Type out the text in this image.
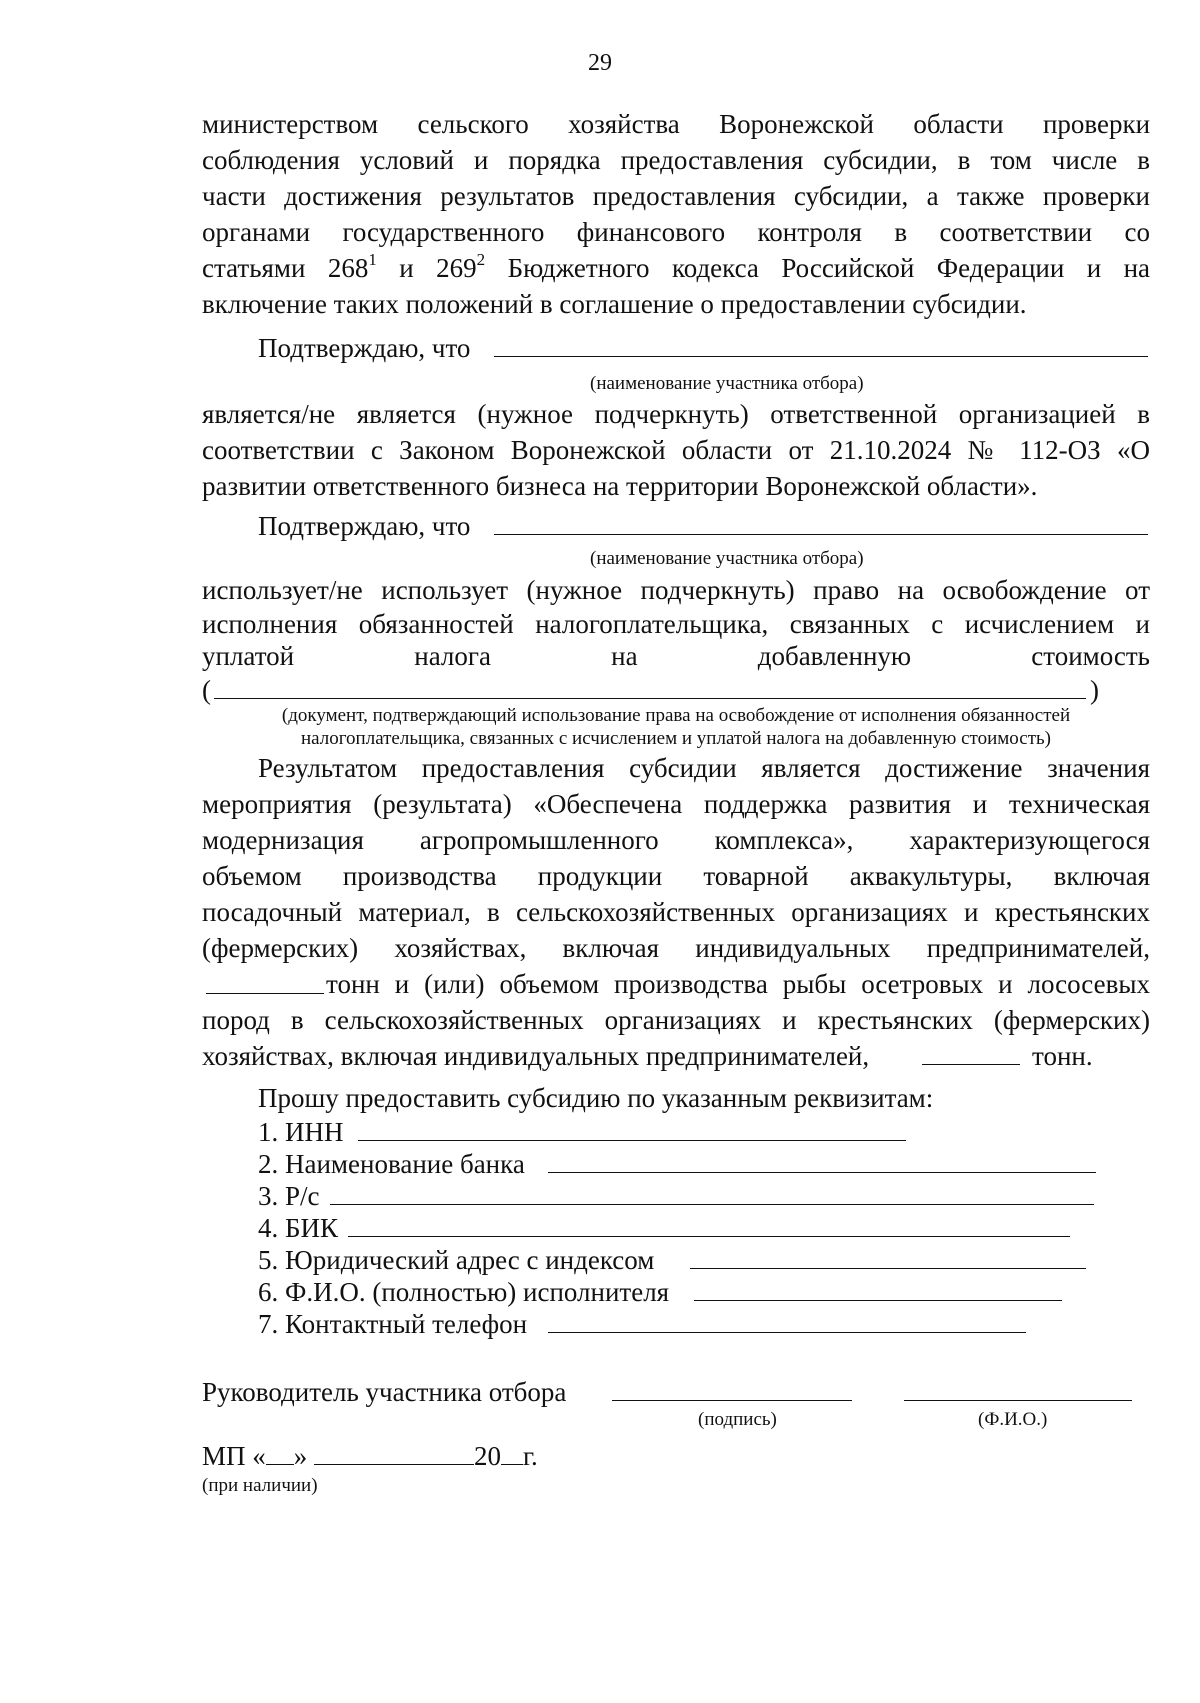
29
министерством сельского хозяйства Воронежской области проверки
соблюдения условий и порядка предоставления субсидии, в том числе в
части достижения результатов предоставления субсидии, а также проверки
органами государственного финансового контроля в соответствии со
статьями $268^1$ и $269^2$ Бюджетного кодекса Российской Федерации и на
включение таких положений в соглашение о предоставлении субсидии.
Подтверждаю, что
(наименование участника отбора)
является/не является (нужное подчеркнуть) ответственной организацией в
соответствии с Законом Воронежской области от 21.10.2024 № 112-ОЗ «О
развитии ответственного бизнеса на территории Воронежской области».
Подтверждаю, что
(наименование участника отбора)
использует/не использует (нужное подчеркнуть) право на освобождение от
исполнения обязанностей налогоплательщика, связанных с исчислением и
уплатой	налога	на	добавленную	стоимость
(	)
(документ, подтверждающий использование права на освобождение от исполнения обязанностей
налогоплательщика, связанных с исчислением и уплатой налога на добавленную стоимость)
Результатом предоставления субсидии является достижение значения
мероприятия (результата) «Обеспечена поддержка развития и техническая
модернизация агропромышленного комплекса», характеризующегося
объемом производства продукции товарной аквакультуры, включая
посадочный материал, в сельскохозяйственных организациях и крестьянских
(фермерских) хозяйствах, включая индивидуальных предпринимателей,
тонн и (или) объемом производства рыбы осетровых и лососевых
пород в сельскохозяйственных организациях и крестьянских (фермерских)
хозяйствах, включая индивидуальных предпринимателей,	тонн.
Прошу предоставить субсидию по указанным реквизитам:
1. ИНН
2. Наименование банка
3. Р/с
4. БИК
5. Юридический адрес с индексом
6. Ф.И.О. (полностью) исполнителя
7. Контактный телефон
Руководитель участника отбора
(подпись)	(Ф.И.О.)
МП « »	20 г.
(при наличии)
